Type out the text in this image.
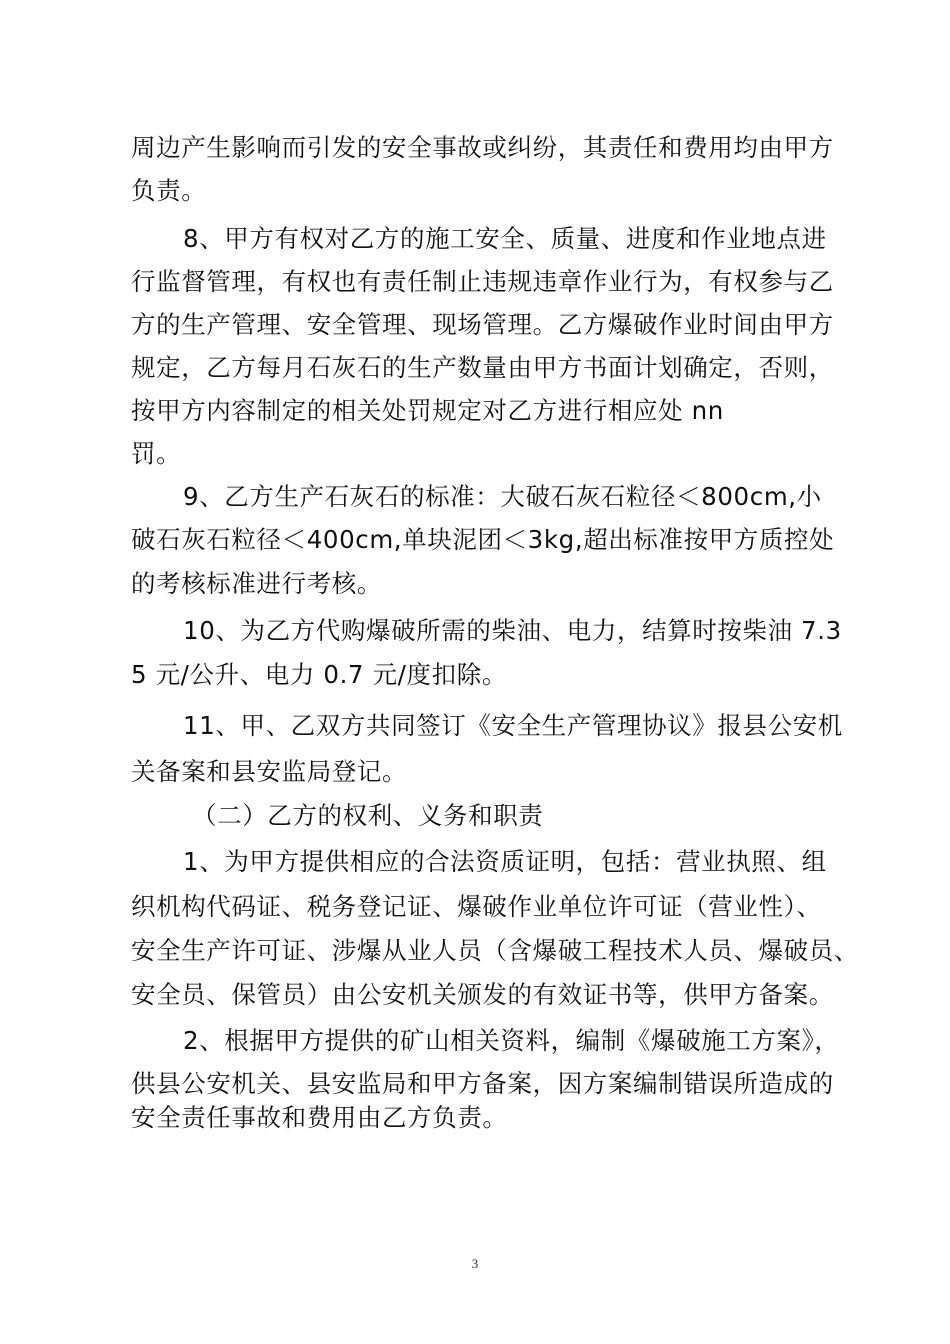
周边产生影响而引发的安全事故或纠纷，其责任和费用均由甲方
负责。
8、甲方有权对乙方的施工安全、质量、进度和作业地点进
行监督管理，有权也有责任制止违规违章作业行为，有权参与乙
方的生产管理、安全管理、现场管理。乙方爆破作业时间由甲方
规定，乙方每月石灰石的生产数量由甲方书面计划确定，否则，
按甲方内容制定的相关处罚规定对乙方进行相应处 nn
罚。
9、乙方生产石灰石的标准：大破石灰石粒径＜800cm,小
破石灰石粒径＜400cm,单块泥团＜3kg,超出标准按甲方质控处
的考核标准进行考核。
10、为乙方代购爆破所需的柴油、电力，结算时按柴油 7.3
5 元/公升、电力 0.7 元/度扣除。
11、甲、乙双方共同签订《安全生产管理协议》报县公安机
关备案和县安监局登记。
（二）乙方的权利、义务和职责
1、为甲方提供相应的合法资质证明，包括：营业执照、组
织机构代码证、税务登记证、爆破作业单位许可证（营业性）、
安全生产许可证、涉爆从业人员（含爆破工程技术人员、爆破员、
安全员、保管员）由公安机关颁发的有效证书等，供甲方备案。
2、根据甲方提供的矿山相关资料，编制《爆破施工方案》，
供县公安机关、县安监局和甲方备案，因方案编制错误所造成的
安全责任事故和费用由乙方负责。
3
